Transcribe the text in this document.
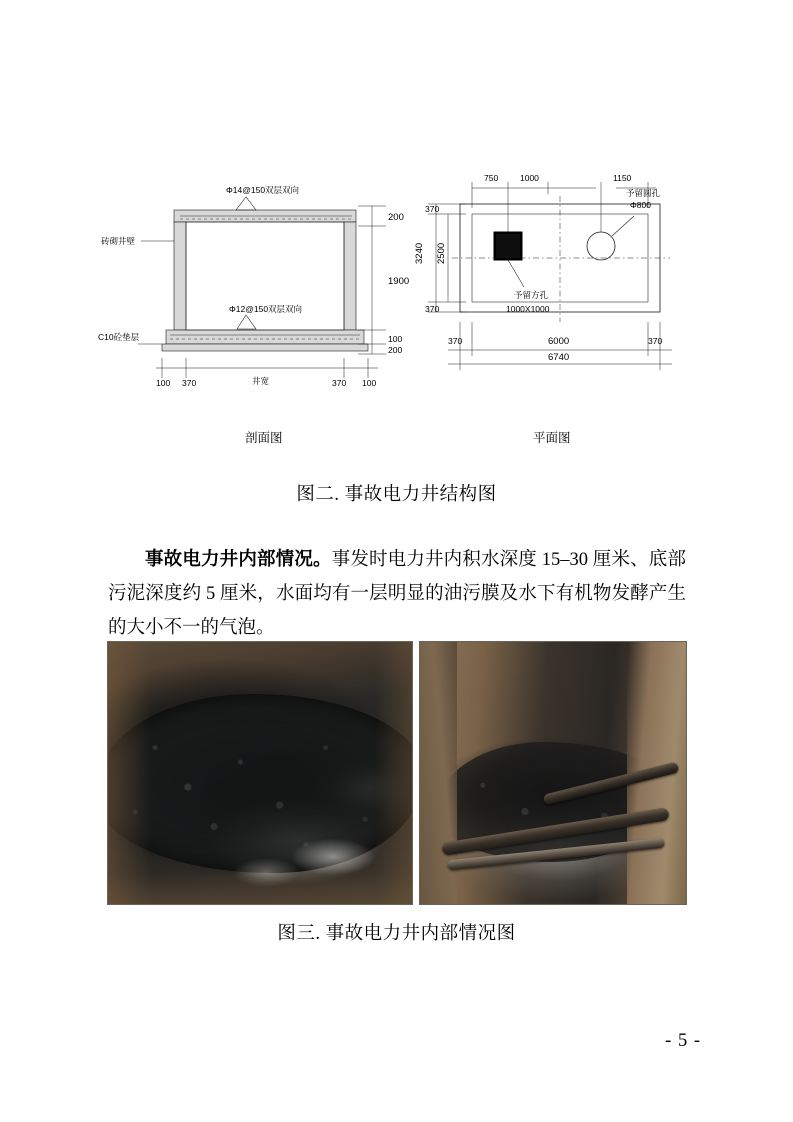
Φ14@150双层双向
Φ12@150双层双向
砖砌井壁
C10砼垫层
200
1900
100
200
100 370	370 100
井宽
剖面图
750	1000	1150
370
3240 2500
370
予留方孔
1000X1000
予留圆孔
Φ800
370	6000	370
6740
平面图
图二. 事故电力井结构图

事故电力井内部情况。事发时电力井内积水深度 15–30 厘米、底部污泥深度约 5 厘米，水面均有一层明显的油污膜及水下有机物发酵产生的大小不一的气泡。

图三. 事故电力井内部情况图
- 5 -
